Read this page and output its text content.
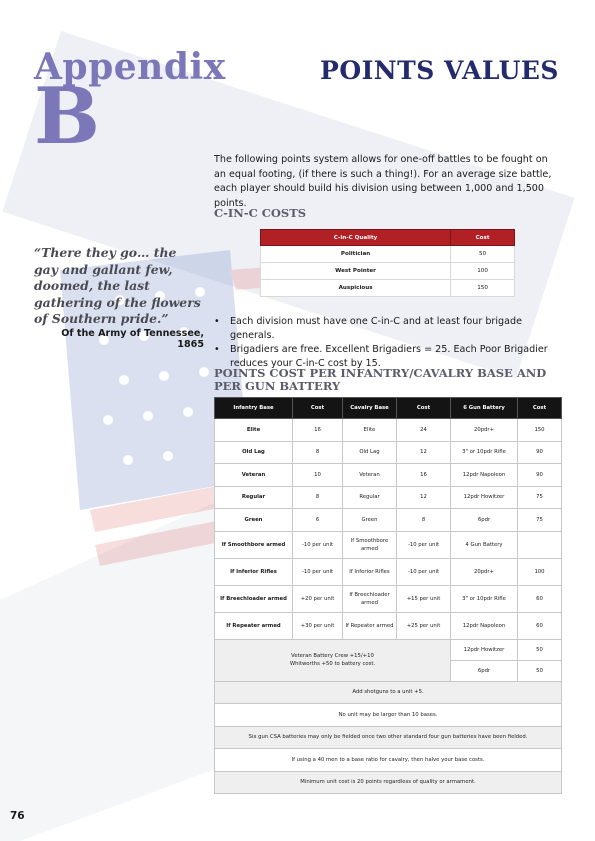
Appendix
B
POINTS VALUES

The following points system allows for one-off battles to be fought on an equal footing, (if there is such a thing!). For an average size battle, each player should build his division using between 1,000 and 1,500 points.

C-IN-C COSTS
C-in-C Quality	Cost
Politician	50
West Pointer	100
Auspicious	150
“There they go… the gay and gallant few, doomed, the last gathering of the flowers of Southern pride.”
Of the Army of Tennessee, 1865
• Each division must have one C-in-C and at least four brigade generals.
• Brigadiers are free. Excellent Brigadiers = 25. Each Poor Brigadier reduces your C-in-C cost by 15.
POINTS COST PER INFANTRY/CAVALRY BASE AND PER GUN BATTERY
Infantry Base	Cost	Cavalry Base	Cost	6 Gun Battery	Cost
Elite	16	Elite	24	20pdr+	150
Old Lag	8	Old Lag	12	3" or 10pdr Rifle	90
Veteran	10	Veteran	16	12pdr Napoleon	90
Regular	8	Regular	12	12pdr Howitzer	75
Green	6	Green	8	6pdr	75
If Smoothbore armed	-10 per unit	If Smoothbore armed	-10 per unit	4 Gun Battery	
If Inferior Rifles	-10 per unit	If Inferior Rifles	-10 per unit	20pdr+	100
If Breechloader armed	+20 per unit	If Breechloader armed	+15 per unit	3" or 10pdr Rifle	60
If Repeater armed	+30 per unit	If Repeater armed	+25 per unit	12pdr Napoleon	60
Veteran Battery Crew +15/+10
Whitworths +50 to battery cost.				12pdr Howitzer	50
				6pdr	50
Add shotguns to a unit +5.					
No unit may be larger than 10 bases.					
Six gun CSA batteries may only be fielded once two other standard four gun batteries have been fielded.					
If using a 40 men to a base ratio for cavalry, then halve your base costs.					
Minimum unit cost is 20 points regardless of quality or armament.					
76
